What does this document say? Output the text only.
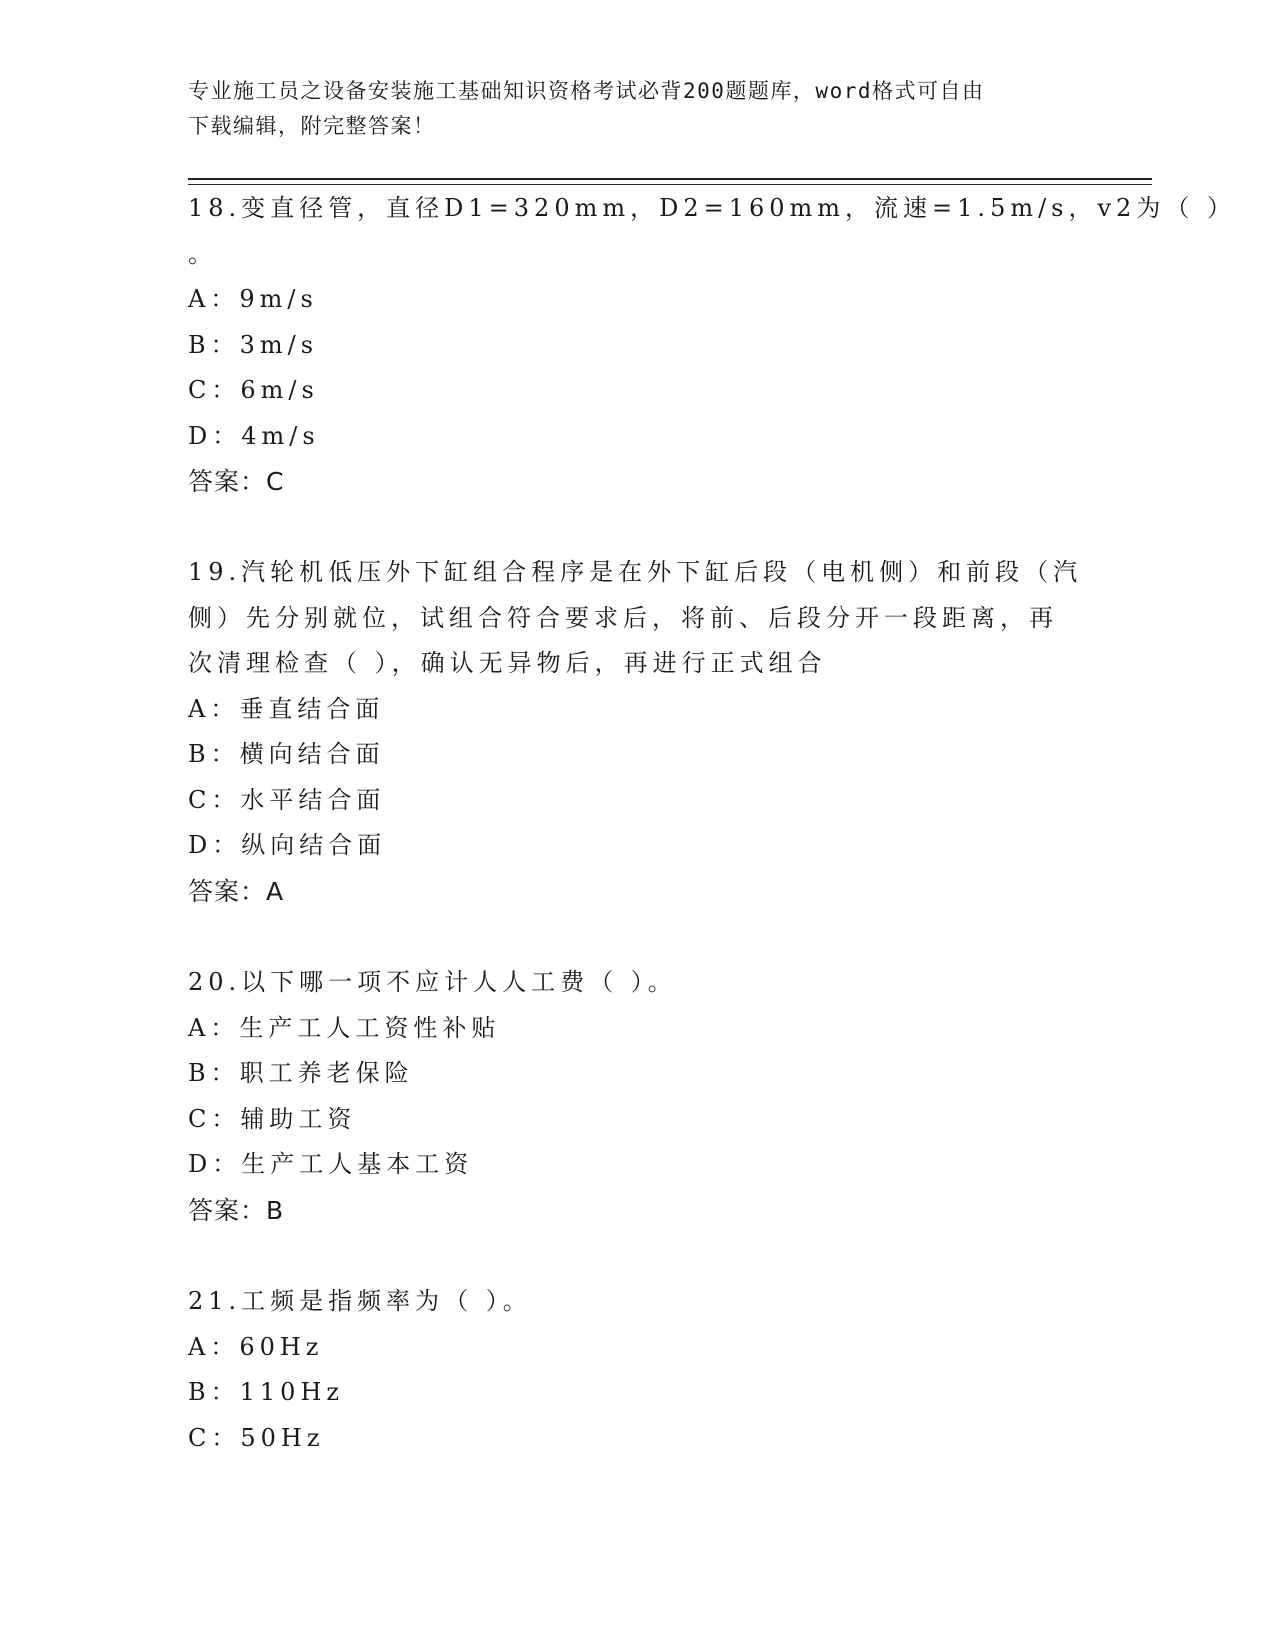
专业施工员之设备安装施工基础知识资格考试必背200题题库，word格式可自由
下载编辑，附完整答案！
18.变直径管，直径D1=320mm，D2=160mm，流速=1.5m/s，v2为（ ）
。
A：9m/s
B：3m/s
C：6m/s
D：4m/s
答案：C
19.汽轮机低压外下缸组合程序是在外下缸后段（电机侧）和前段（汽
侧）先分别就位，试组合符合要求后，将前、后段分开一段距离，再
次清理检查（ ），确认无异物后，再进行正式组合
A：垂直结合面
B：横向结合面
C：水平结合面
D：纵向结合面
答案：A
20.以下哪一项不应计人人工费（ ）。
A：生产工人工资性补贴
B：职工养老保险
C：辅助工资
D：生产工人基本工资
答案：B
21.工频是指频率为（ ）。
A：60Hz
B：110Hz
C：50Hz
